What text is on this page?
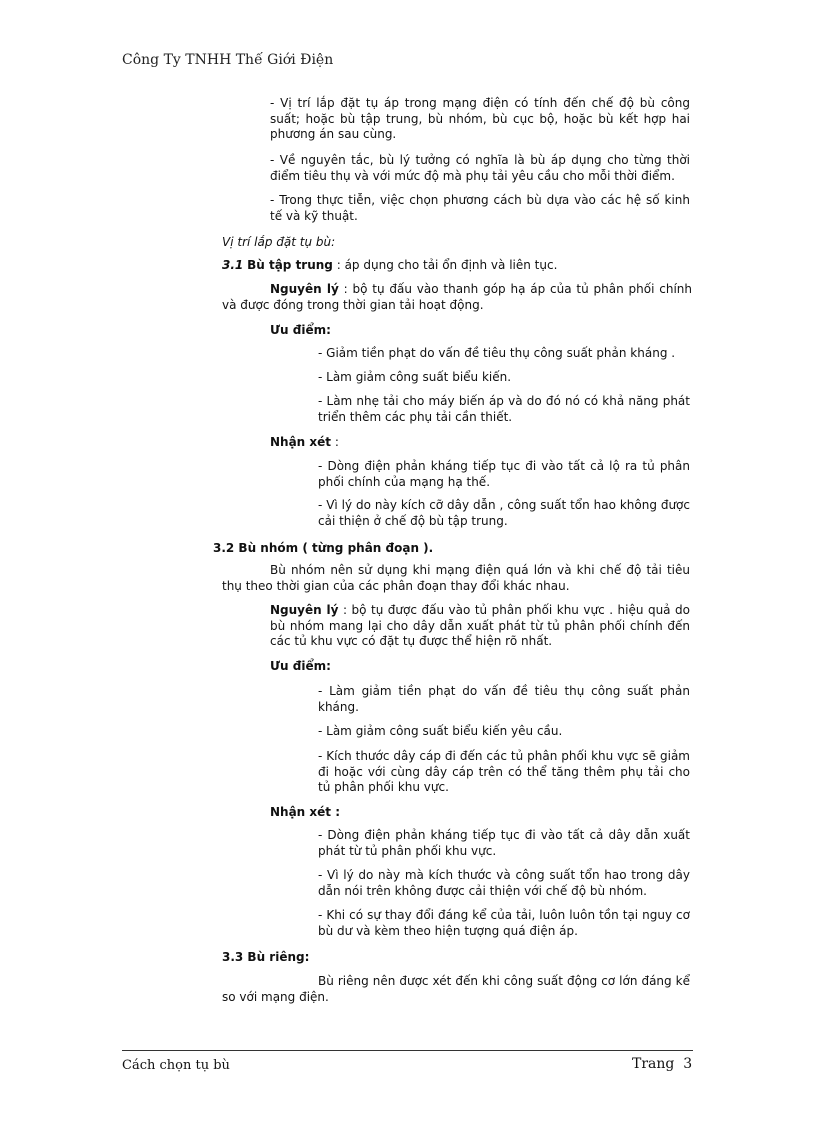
Công Ty TNHH Thế Giới Điện

- Vị trí lắp đặt tụ áp trong mạng điện có tính đến chế độ bù công suất; hoặc bù tập trung, bù nhóm, bù cục bộ, hoặc bù kết hợp hai phương án sau cùng.

- Về nguyên tắc, bù lý tưởng có nghĩa là bù áp dụng cho từng thời điểm tiêu thụ và với mức độ mà phụ tải yêu cầu cho mỗi thời điểm.

- Trong thực tiễn, việc chọn phương cách bù dựa vào các hệ số kinh tế và kỹ thuật.

Vị trí lắp đặt tụ bù:

3.1 Bù tập trung : áp dụng cho tải ổn định và liên tục.

Nguyên lý : bộ tụ đấu vào thanh góp hạ áp của tủ phân phối chính và được đóng trong thời gian tải hoạt động.

Ưu điểm:

- Giảm tiền phạt do vấn đề tiêu thụ công suất phản kháng .

- Làm giảm công suất biểu kiến.

- Làm nhẹ tải cho máy biến áp và do đó nó có khả năng phát triển thêm các phụ tải cần thiết.

Nhận xét :

- Dòng điện phản kháng tiếp tục đi vào tất cả lộ ra tủ phân phối chính của mạng hạ thế.

- Vì lý do này kích cỡ dây dẫn , công suất tổn hao không được cải thiện ở chế độ bù tập trung.

3.2 Bù nhóm ( từng phân đoạn ).

Bù nhóm nên sử dụng khi mạng điện quá lớn và khi chế độ tải tiêu thụ theo thời gian của các phân đoạn thay đổi khác nhau.

Nguyên lý : bộ tụ được đấu vào tủ phân phối khu vực . hiệu quả do bù nhóm mang lại cho dây dẫn xuất phát từ tủ phân phối chính đến các tủ khu vực có đặt tụ được thể hiện rõ nhất.

Ưu điểm:

- Làm giảm tiền phạt do vấn đề tiêu thụ công suất phản kháng.

- Làm giảm công suất biểu kiến yêu cầu.

- Kích thước dây cáp đi đến các tủ phân phối khu vực sẽ giảm đi hoặc với cùng dây cáp trên có thể tăng thêm phụ tải cho tủ phân phối khu vực.

Nhận xét :

- Dòng điện phản kháng tiếp tục đi vào tất cả dây dẫn xuất phát từ tủ phân phối khu vực.

- Vì lý do này mà kích thước và công suất tổn hao trong dây dẫn nói trên không được cải thiện với chế độ bù nhóm.

- Khi có sự thay đổi đáng kể của tải, luôn luôn tồn tại nguy cơ bù dư và kèm theo hiện tượng quá điện áp.

3.3 Bù riêng:

Bù riêng nên được xét đến khi công suất động cơ lớn đáng kể so với mạng điện.

Cách chọn tụ bù	Trang  3
